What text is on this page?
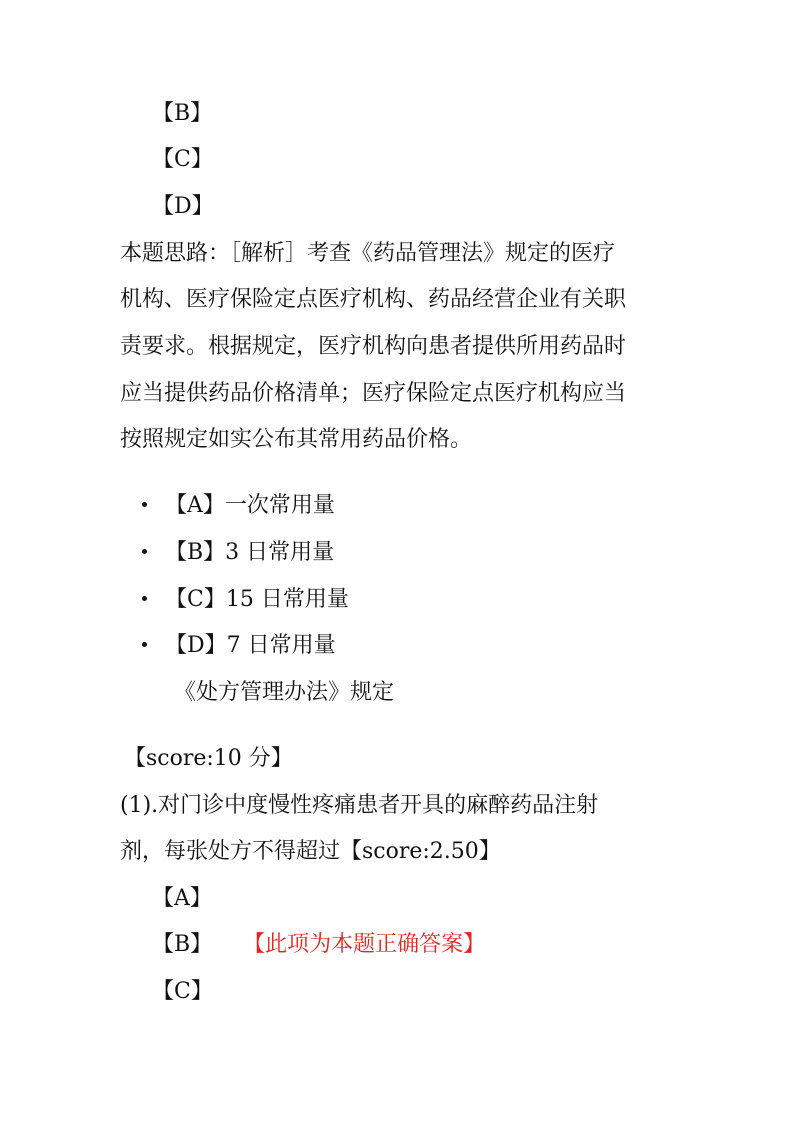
【B】
【C】
【D】
本题思路：［解析］考查《药品管理法》规定的医疗
机构、医疗保险定点医疗机构、药品经营企业有关职
责要求。根据规定，医疗机构向患者提供所用药品时
应当提供药品价格清单；医疗保险定点医疗机构应当
按照规定如实公布其常用药品价格。
【A】一次常用量
【B】3 日常用量
【C】15 日常用量
【D】7 日常用量
《处方管理办法》规定
【score:10 分】
(1).对门诊中度慢性疼痛患者开具的麻醉药品注射
剂，每张处方不得超过【score:2.50】
【A】
【B】 【此项为本题正确答案】
【C】
